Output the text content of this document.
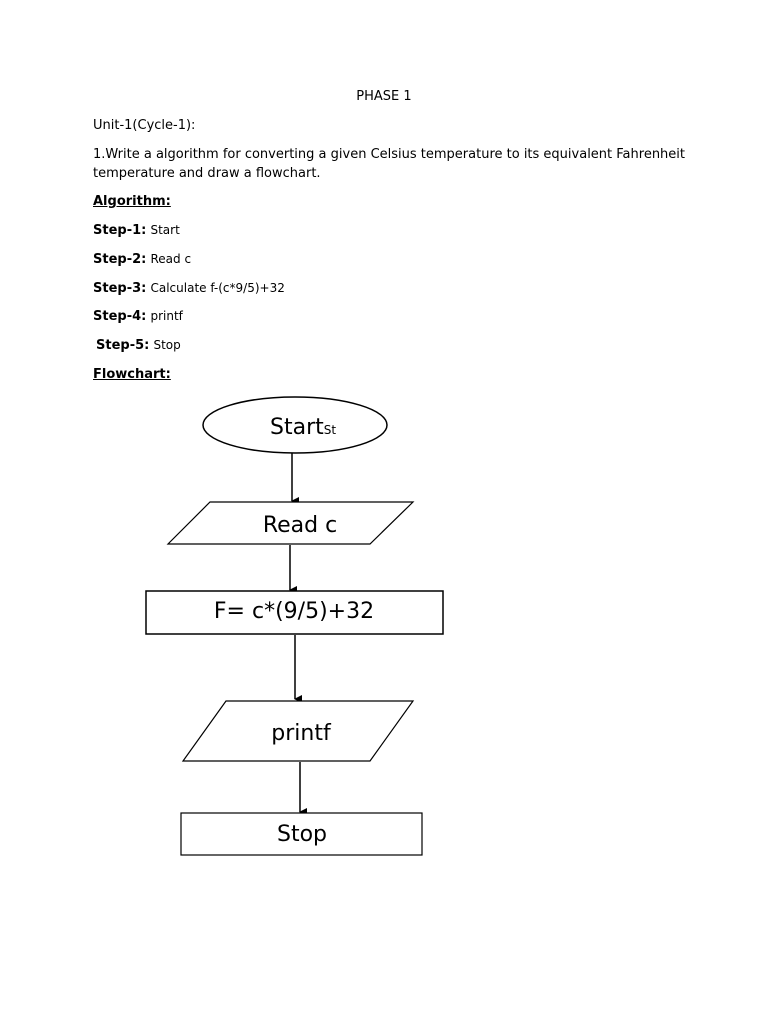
PHASE 1
Unit-1(Cycle-1):
1.Write a algorithm for converting a given Celsius temperature to its equivalent Fahrenheit
temperature and draw a flowchart.
Algorithm:
Step-1: Start
Step-2: Read c
Step-3: Calculate f-(c*9/5)+32
Step-4: printf
Step-5: Stop
Flowchart:
StartSt
Read c
F= c*(9/5)+32
printf
Stop
